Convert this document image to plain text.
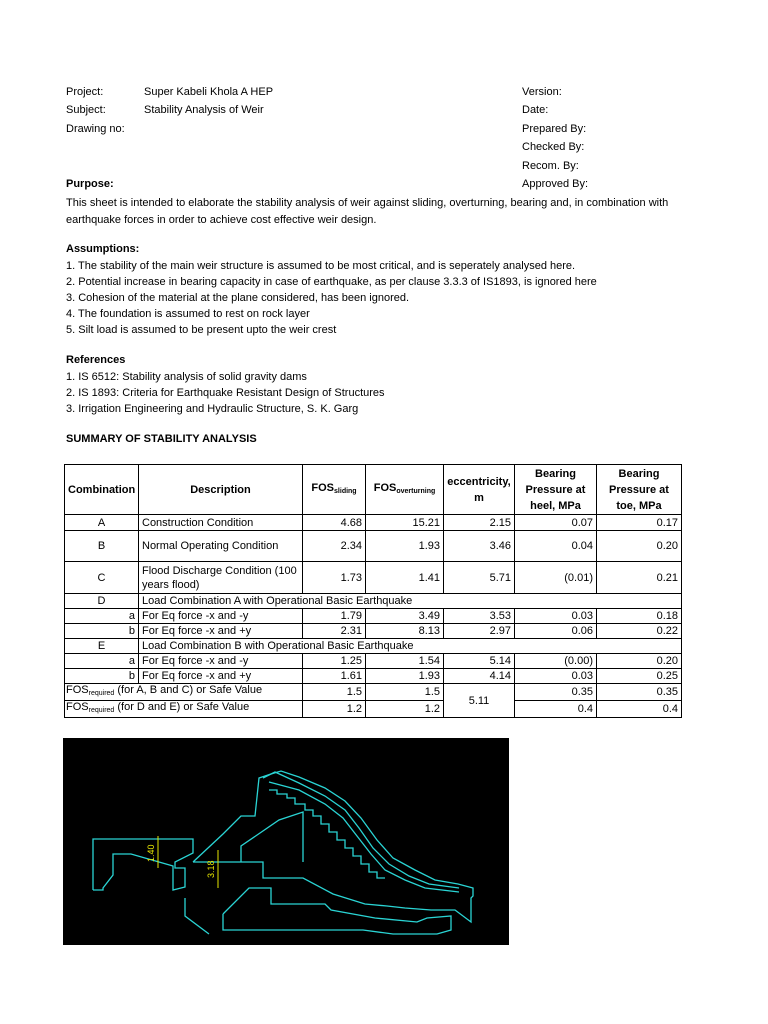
Project:	Super Kabeli Khola A HEP
Subject:	Stability Analysis of Weir
Drawing no:
Version:
Date:
Prepared By:
Checked By:
Recom. By:
Approved By:
Purpose:
This sheet is intended to elaborate the stability analysis of weir against sliding, overturning, bearing and, in combination with earthquake forces in order to achieve cost effective weir design.
Assumptions:
1. The stability of the main weir structure is assumed to be most critical, and is seperately analysed here.
2. Potential increase in bearing capacity in case of earthquake, as per clause 3.3.3 of IS1893, is ignored here
3. Cohesion of the material at the plane considered, has been ignored.
4. The foundation is assumed to rest on rock layer
5. Silt load is assumed to be present upto the weir crest
References
1. IS 6512: Stability analysis of solid gravity dams
2. IS 1893: Criteria for Earthquake Resistant Design of Structures
3. Irrigation Engineering and Hydraulic Structure, S. K. Garg
SUMMARY OF STABILITY ANALYSIS
Combination	Description	$FOS_{sliding}$	$FOS_{overturning}$	eccentricity, m	Bearing Pressure at heel, MPa	Bearing Pressure at toe, MPa
A	Construction Condition	4.68	15.21	2.15	0.07	0.17
B	Normal Operating Condition	2.34	1.93	3.46	0.04	0.20
C	Flood Discharge Condition (100 years flood)	1.73	1.41	5.71	(0.01)	0.21
D	Load Combination A with Operational Basic Earthquake					
a	For Eq force -x and -y	1.79	3.49	3.53	0.03	0.18
b	For Eq force -x and +y	2.31	8.13	2.97	0.06	0.22
E	Load Combination B with Operational Basic Earthquake					
a	For Eq force -x and -y	1.25	1.54	5.14	(0.00)	0.20
b	For Eq force -x and +y	1.61	1.93	4.14	0.03	0.25
$FOS_{required}$ (for A, B and C) or Safe Value		1.5	1.5	5.11	0.35	0.35
$FOS_{required}$ (for D and E) or Safe Value		1.2	1.2		0.4	0.4
1.40
3.18
